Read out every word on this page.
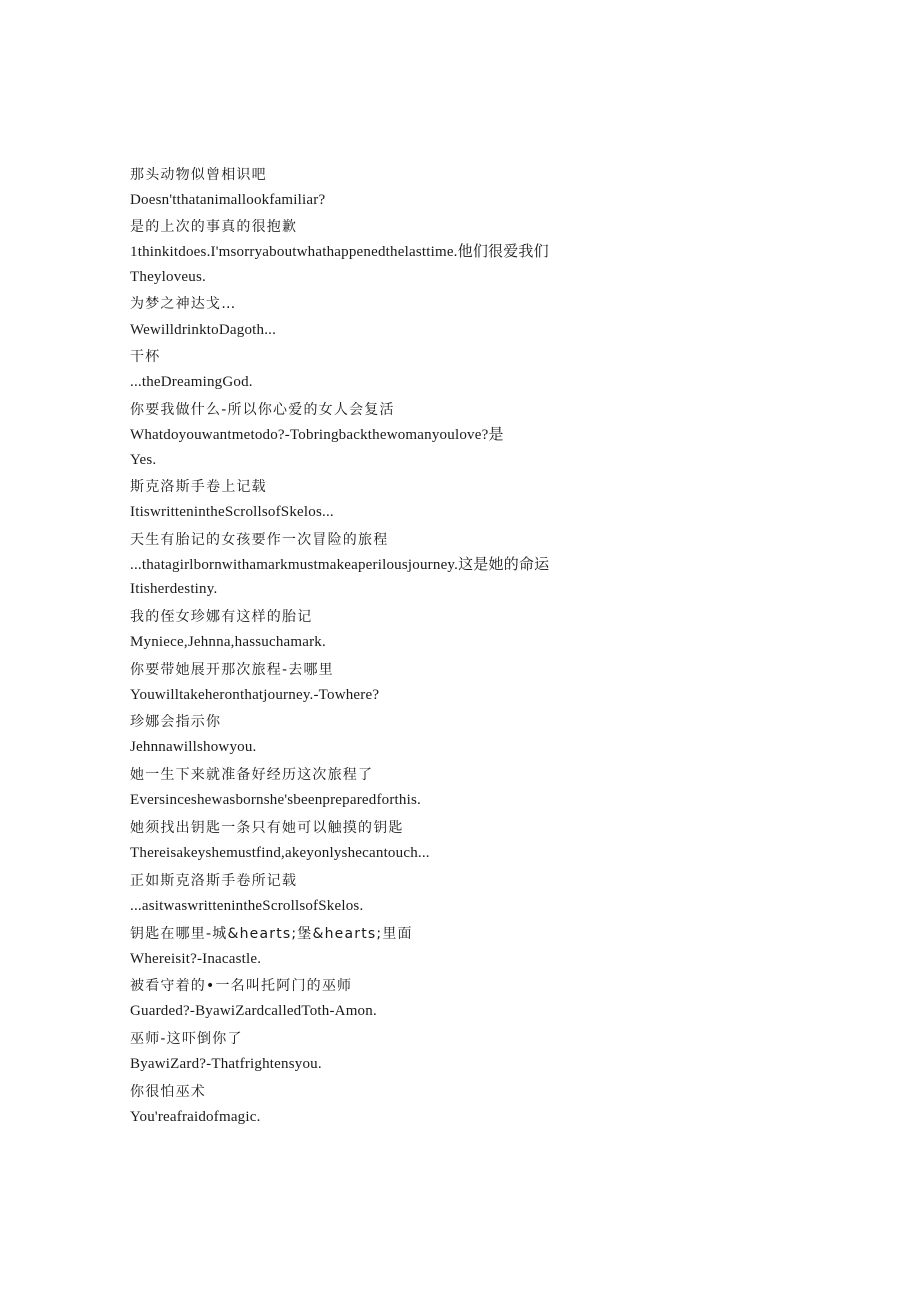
那头动物似曾相识吧

Doesn'tthatanimallookfamiliar?

是的上次的事真的很抱歉

1thinkitdoes.I'msorryaboutwhathappenedthelasttime.他们很爱我们

Theyloveus.

为梦之神达戈…

WewilldrinktoDagoth...

干杯

...theDreamingGod.

你要我做什么-所以你心爱的女人会复活

Whatdoyouwantmetodo?-Tobringbackthewomanyoulove?是

Yes.

斯克洛斯手卷上记载

ItiswrittenintheScrollsofSkelos...

天生有胎记的女孩要作一次冒险的旅程

...thatagirlbornwithamarkmustmakeaperilousjourney.这是她的命运

Itisherdestiny.

我的侄女珍娜有这样的胎记

Myniece,Jehnna,hassuchamark.

你要带她展开那次旅程-去哪里

Youwilltakeheronthatjourney.-Towhere?

珍娜会指示你

Jehnnawillshowyou.

她一生下来就准备好经历这次旅程了

Eversinceshewasbornshe'sbeenpreparedforthis.

她须找出钥匙一条只有她可以触摸的钥匙

Thereisakeyshemustfind,akeyonlyshecantouch...

正如斯克洛斯手卷所记载

...asitwaswrittenintheScrollsofSkelos.

钥匙在哪里-城&hearts;堡&hearts;里面

Whereisit?-Inacastle.

被看守着的•一名叫托阿门的巫师

Guarded?-ByawiZardcalledToth-Amon.

巫师-这吓倒你了

ByawiZard?-Thatfrightensyou.

你很怕巫术

You'reafraidofmagic.
